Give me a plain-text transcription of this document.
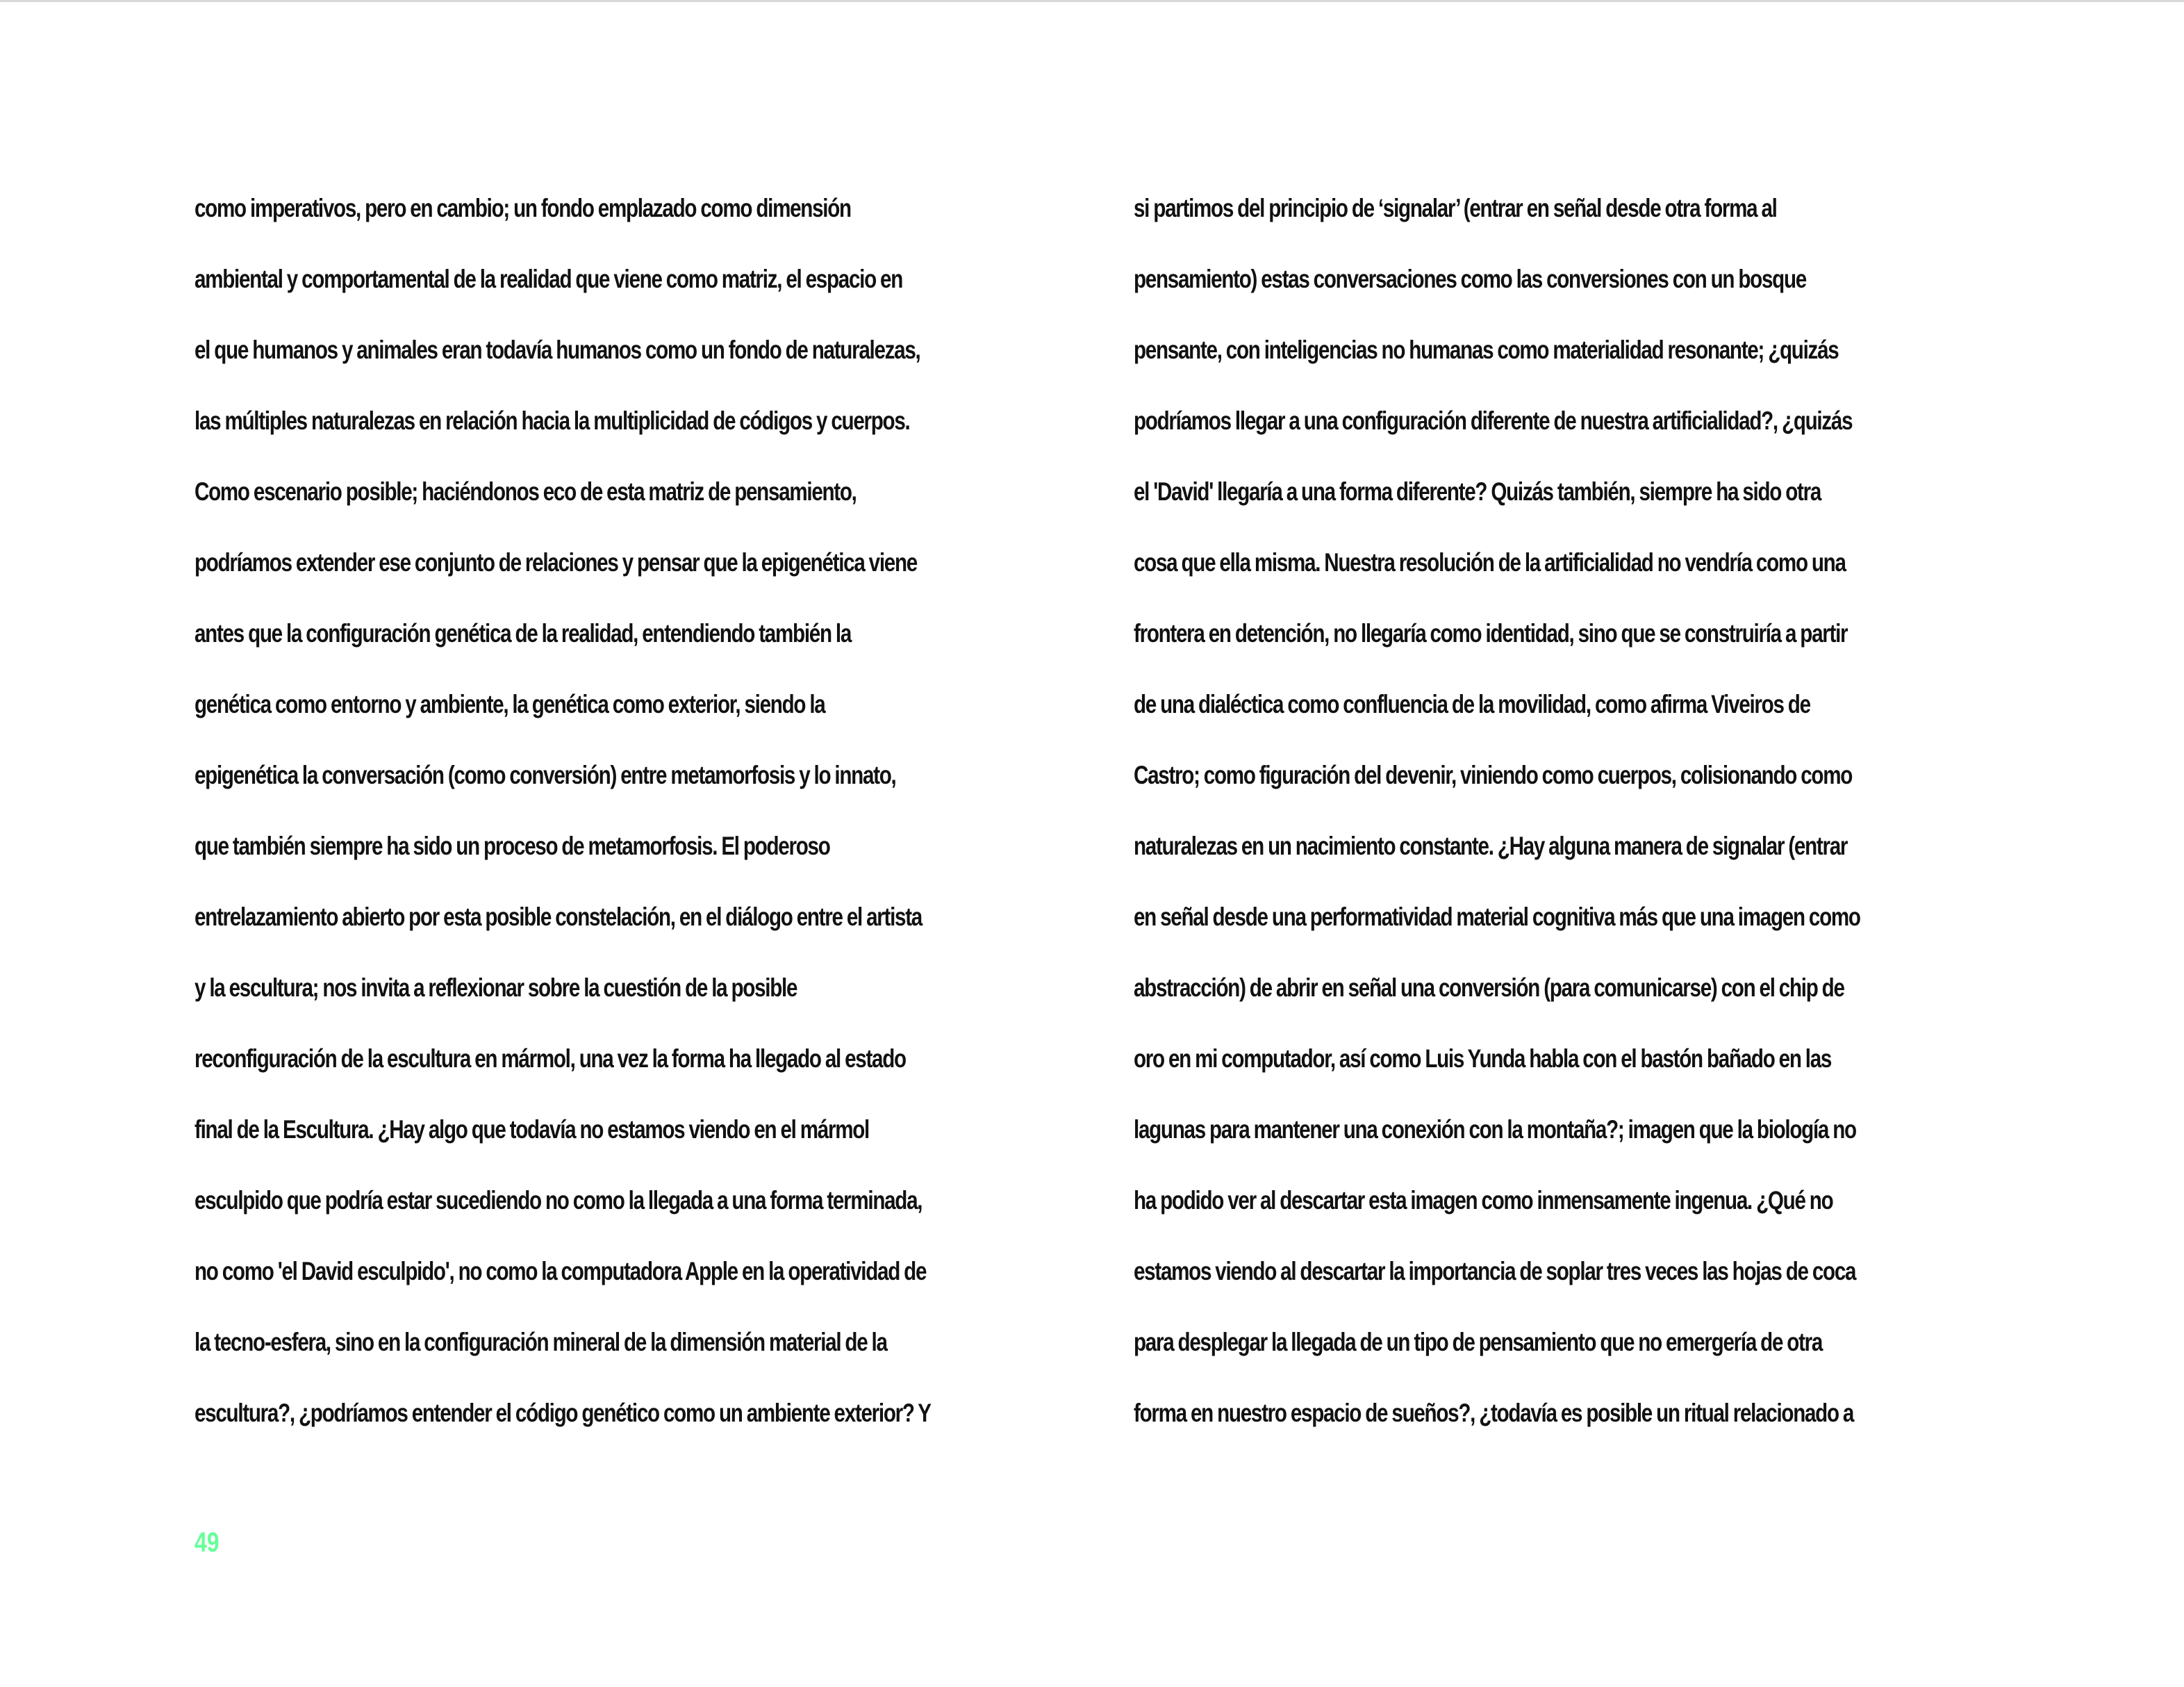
como imperativos, pero en cambio; un fondo emplazado como dimensión
ambiental y comportamental de la realidad que viene como matriz, el espacio en
el que humanos y animales eran todavía humanos como un fondo de naturalezas,
las múltiples naturalezas en relación hacia la multiplicidad de códigos y cuerpos.
Como escenario posible; haciéndonos eco de esta matriz de pensamiento,
podríamos extender ese conjunto de relaciones y pensar que la epigenética viene
antes que la configuración genética de la realidad, entendiendo también la
genética como entorno y ambiente, la genética como exterior, siendo la
epigenética la conversación (como conversión) entre metamorfosis y lo innato,
que también siempre ha sido un proceso de metamorfosis. El poderoso
entrelazamiento abierto por esta posible constelación, en el diálogo entre el artista
y la escultura; nos invita a reflexionar sobre la cuestión de la posible
reconfiguración de la escultura en mármol, una vez la forma ha llegado al estado
final de la Escultura. ¿Hay algo que todavía no estamos viendo en el mármol
esculpido que podría estar sucediendo no como la llegada a una forma terminada,
no como 'el David esculpido', no como la computadora Apple en la operatividad de
la tecno-esfera, sino en la configuración mineral de la dimensión material de la
escultura?, ¿podríamos entender el código genético como un ambiente exterior? Y
si partimos del principio de ‘signalar’ (entrar en señal desde otra forma al
pensamiento) estas conversaciones como las conversiones con un bosque
pensante, con inteligencias no humanas como materialidad resonante; ¿quizás
podríamos llegar a una configuración diferente de nuestra artificialidad?, ¿quizás
el 'David' llegaría a una forma diferente? Quizás también, siempre ha sido otra
cosa que ella misma. Nuestra resolución de la artificialidad no vendría como una
frontera en detención, no llegaría como identidad, sino que se construiría a partir
de una dialéctica como confluencia de la movilidad, como afirma Viveiros de
Castro; como figuración del devenir, viniendo como cuerpos, colisionando como
naturalezas en un nacimiento constante. ¿Hay alguna manera de signalar (entrar
en señal desde una performatividad material cognitiva más que una imagen como
abstracción) de abrir en señal una conversión (para comunicarse) con el chip de
oro en mi computador, así como Luis Yunda habla con el bastón bañado en las
lagunas para mantener una conexión con la montaña?; imagen que la biología no
ha podido ver al descartar esta imagen como inmensamente ingenua. ¿Qué no
estamos viendo al descartar la importancia de soplar tres veces las hojas de coca
para desplegar la llegada de un tipo de pensamiento que no emergería de otra
forma en nuestro espacio de sueños?, ¿todavía es posible un ritual relacionado a
49
